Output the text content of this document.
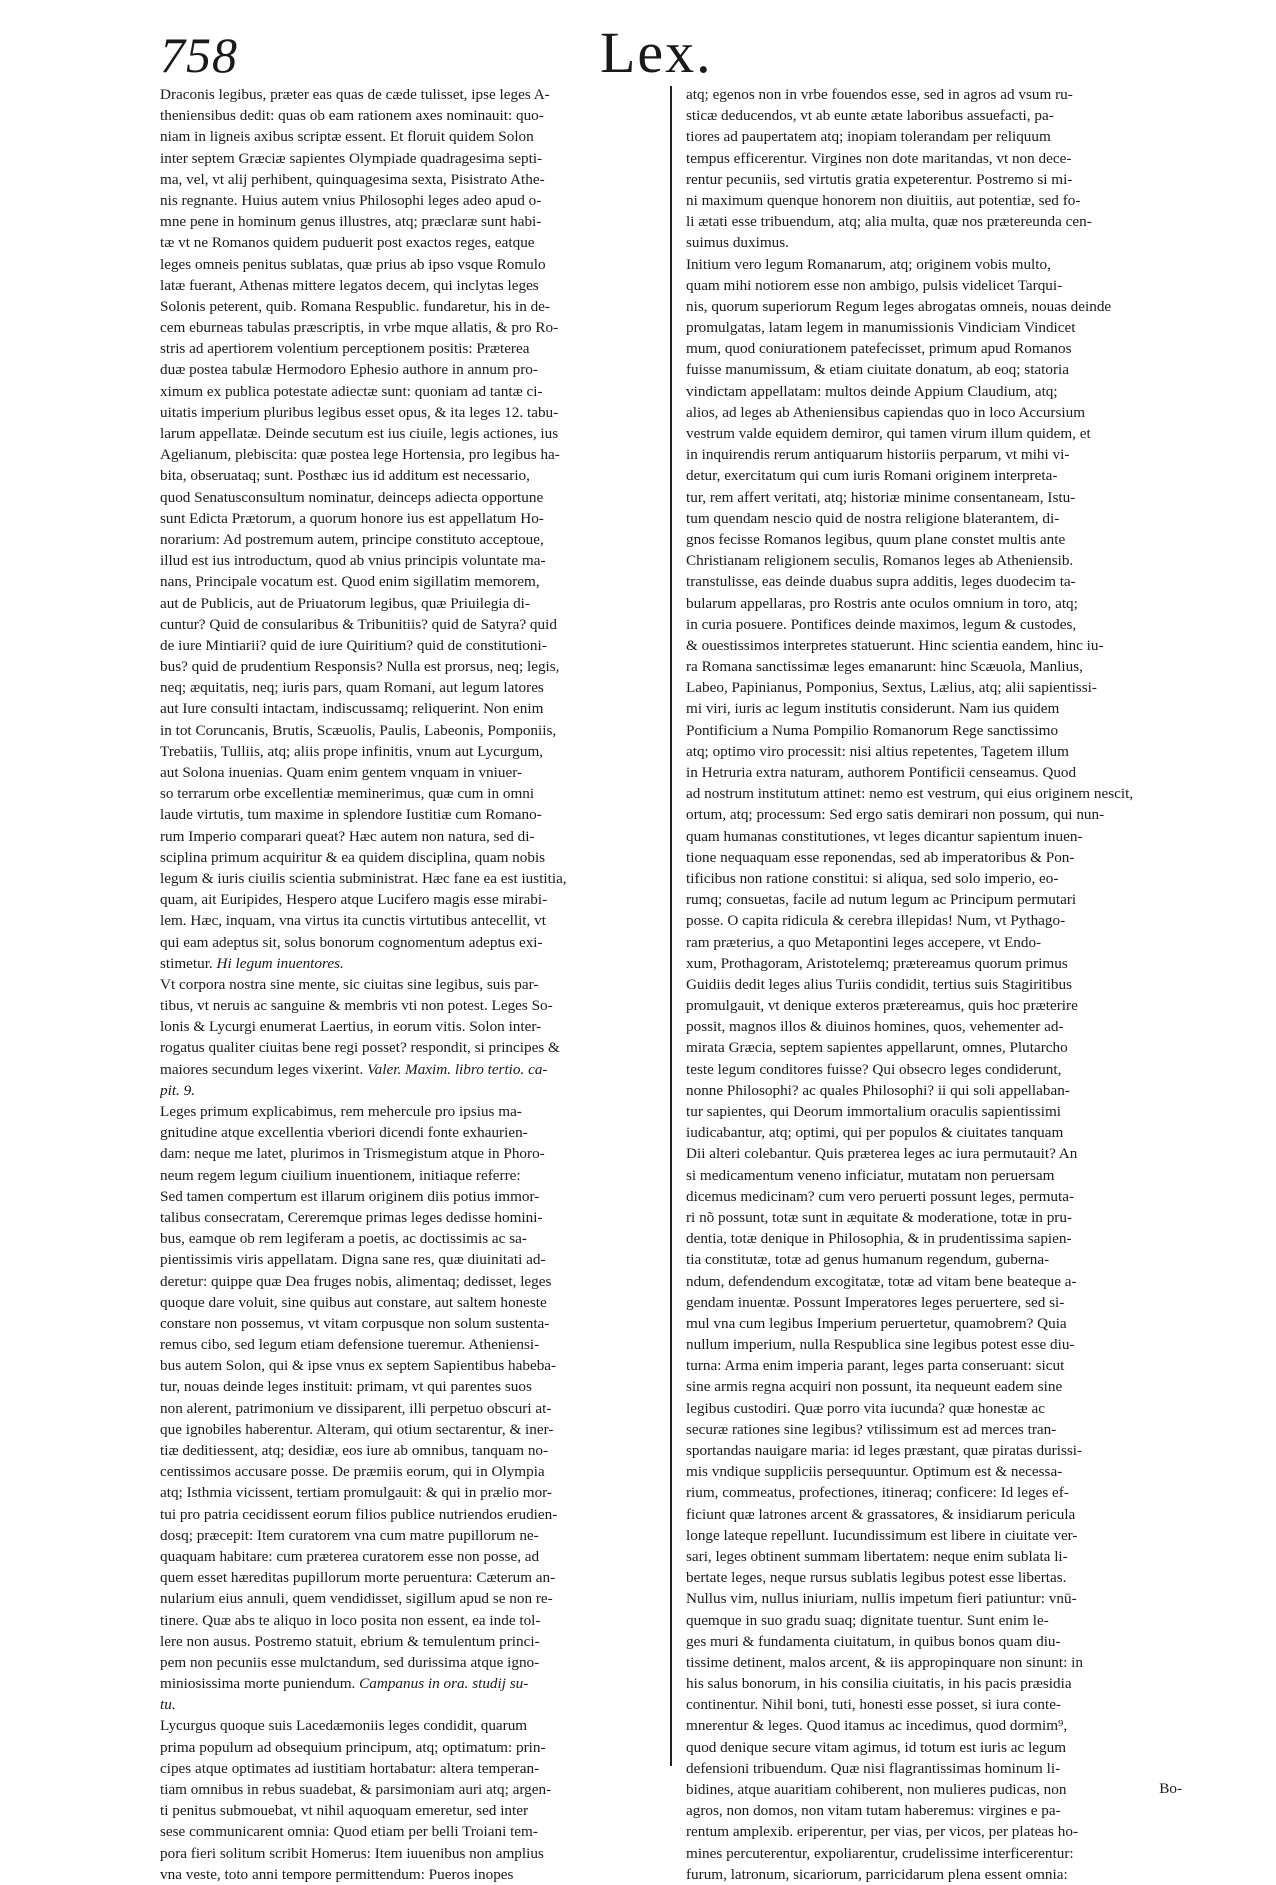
758	Lex.
Draconis legibus, præter eas quas de cæde tulisset, ipse leges A-
theniensibus dedit: quas ob eam rationem axes nominauit: quo-
niam in ligneis axibus scriptæ essent. Et floruit quidem Solon
inter septem Græciæ sapientes Olympiade quadragesima septi-
ma, vel, vt alij perhibent, quinquagesima sexta, Pisistrato Athe-
nis regnante. Huius autem vnius Philosophi leges adeo apud o-
mne pene in hominum genus illustres, atq; præclaræ sunt habi-
tæ vt ne Romanos quidem puduerit post exactos reges, eatque
leges omneis penitus sublatas, quæ prius ab ipso vsque Romulo
latæ fuerant, Athenas mittere legatos decem, qui inclytas leges
Solonis peterent, quib. Romana Respublic. fundaretur, his in de-
cem eburneas tabulas præscriptis, in vrbe mque allatis, & pro Ro-
stris ad apertiorem volentium perceptionem positis: Præterea
duæ postea tabulæ Hermodoro Ephesio authore in annum pro-
ximum ex publica potestate adiectæ sunt: quoniam ad tantæ ci-
uitatis imperium pluribus legibus esset opus, & ita leges 12. tabu-
larum appellatæ. Deinde secutum est ius ciuile, legis actiones, ius
Agelianum, plebiscita: quæ postea lege Hortensia, pro legibus ha-
bita, obseruataq; sunt. Posthæc ius id additum est necessario,
quod Senatusconsultum nominatur, deinceps adiecta opportune
sunt Edicta Prætorum, a quorum honore ius est appellatum Ho-
norarium: Ad postremum autem, principe constituto acceptoue,
illud est ius introductum, quod ab vnius principis voluntate ma-
nans, Principale vocatum est. Quod enim sigillatim memorem,
aut de Publicis, aut de Priuatorum legibus, quæ Priuilegia di-
cuntur? Quid de consularibus & Tribunitiis? quid de Satyra? quid
de iure Mintiarii? quid de iure Quiritium? quid de constitutioni-
bus? quid de prudentium Responsis? Nulla est prorsus, neq; legis,
neq; æquitatis, neq; iuris pars, quam Romani, aut legum latores
aut Iure consulti intactam, indiscussamq; reliquerint. Non enim
in tot Coruncanis, Brutis, Scæuolis, Paulis, Labeonis, Pomponiis,
Trebatiis, Tulliis, atq; aliis prope infinitis, vnum aut Lycurgum,
aut Solona inuenias. Quam enim gentem vnquam in vniuer-
so terrarum orbe excellentiæ meminerimus, quæ cum in omni
laude virtutis, tum maxime in splendore Iustitiæ cum Romano-
rum Imperio comparari queat? Hæc autem non natura, sed di-
sciplina primum acquiritur & ea quidem disciplina, quam nobis
legum & iuris ciuilis scientia subministrat. Hæc fane ea est iustitia,
quam, ait Euripides, Hespero atque Lucifero magis esse mirabi-
lem. Hæc, inquam, vna virtus ita cunctis virtutibus antecellit, vt
qui eam adeptus sit, solus bonorum cognomentum adeptus exi-
stimetur. Hi legum inuentores.
Vt corpora nostra sine mente, sic ciuitas sine legibus, suis par-
tibus, vt neruis ac sanguine & membris vti non potest. Leges So-
lonis & Lycurgi enumerat Laertius, in eorum vitis. Solon inter-
rogatus qualiter ciuitas bene regi posset? respondit, si principes &
maiores secundum leges vixerint. Valer. Maxim. libro tertio. ca-
pit. 9.
Leges primum explicabimus, rem mehercule pro ipsius ma-
gnitudine atque excellentia vberiori dicendi fonte exhaurien-
dam: neque me latet, plurimos in Trismegistum atque in Phoro-
neum regem legum ciuilium inuentionem, initiaque referre:
Sed tamen compertum est illarum originem diis potius immor-
talibus consecratam, Cereremque primas leges dedisse homini-
bus, eamque ob rem legiferam a poetis, ac doctissimis ac sa-
pientissimis viris appellatam. Digna sane res, quæ diuinitati ad-
deretur: quippe quæ Dea fruges nobis, alimentaq; dedisset, leges
quoque dare voluit, sine quibus aut constare, aut saltem honeste
constare non possemus, vt vitam corpusque non solum sustenta-
remus cibo, sed legum etiam defensione tueremur. Atheniensi-
bus autem Solon, qui & ipse vnus ex septem Sapientibus habeba-
tur, nouas deinde leges instituit: primam, vt qui parentes suos
non alerent, patrimonium ve dissiparent, illi perpetuo obscuri at-
que ignobiles haberentur. Alteram, qui otium sectarentur, & iner-
tiæ deditiessent, atq; desidiæ, eos iure ab omnibus, tanquam no-
centissimos accusare posse. De præmiis eorum, qui in Olympia
atq; Isthmia vicissent, tertiam promulgauit: & qui in prælio mor-
tui pro patria cecidissent eorum filios publice nutriendos erudien-
dosq; præcepit: Item curatorem vna cum matre pupillorum ne-
quaquam habitare: cum præterea curatorem esse non posse, ad
quem esset hæreditas pupillorum morte peruentura: Cæterum an-
nularium eius annuli, quem vendidisset, sigillum apud se non re-
tinere. Quæ abs te aliquo in loco posita non essent, ea inde tol-
lere non ausus. Postremo statuit, ebrium & temulentum princi-
pem non pecuniis esse mulctandum, sed durissima atque igno-
miniosissima morte puniendum. Campanus in ora. studij su-
tu.
Lycurgus quoque suis Lacedæmoniis leges condidit, quarum
prima populum ad obsequium principum, atq; optimatum: prin-
cipes atque optimates ad iustitiam hortabatur: altera temperan-
tiam omnibus in rebus suadebat, & parsimoniam auri atq; argen-
ti penitus submouebat, vt nihil aquoquam emeretur, sed inter
sese communicarent omnia: Quod etiam per belli Troiani tem-
pora fieri solitum scribit Homerus: Item iuuenibus non amplius
vna veste, toto anni tempore permittendum: Pueros inopes
atq; egenos non in vrbe fouendos esse, sed in agros ad vsum ru-
sticæ deducendos, vt ab eunte ætate laboribus assuefacti, pa-
tiores ad paupertatem atq; inopiam tolerandam per reliquum
tempus efficerentur. Virgines non dote maritandas, vt non dece-
rentur pecuniis, sed virtutis gratia expeterentur. Postremo si mi-
ni maximum quenque honorem non diuitiis, aut potentiæ, sed fo-
li ætati esse tribuendum, atq; alia multa, quæ nos prætereunda cen-
suimus duximus.
Initium vero legum Romanarum, atq; originem vobis multo,
quam mihi notiorem esse non ambigo, pulsis videlicet Tarqui-
nis, quorum superiorum Regum leges abrogatas omneis, nouas deinde
promulgatas, latam legem in manumissionis Vindiciam Vindicet
mum, quod coniurationem patefecisset, primum apud Romanos
fuisse manumissum, & etiam ciuitate donatum, ab eoq; statoria
vindictam appellatam: multos deinde Appium Claudium, atq;
alios, ad leges ab Atheniensibus capiendas quo in loco Accursium
vestrum valde equidem demiror, qui tamen virum illum quidem, et
in inquirendis rerum antiquarum historiis perparum, vt mihi vi-
detur, exercitatum qui cum iuris Romani originem interpreta-
tur, rem affert veritati, atq; historiæ minime consentaneam, Istu-
tum quendam nescio quid de nostra religione blaterantem, di-
gnos fecisse Romanos legibus, quum plane constet multis ante
Christianam religionem seculis, Romanos leges ab Atheniensib.
transtulisse, eas deinde duabus supra additis, leges duodecim ta-
bularum appellaras, pro Rostris ante oculos omnium in toro, atq;
in curia posuere. Pontifices deinde maximos, legum & custodes,
& ouestissimos interpretes statuerunt. Hinc scientia eandem, hinc iu-
ra Romana sanctissimæ leges emanarunt: hinc Scæuola, Manlius,
Labeo, Papinianus, Pomponius, Sextus, Lælius, atq; alii sapientissi-
mi viri, iuris ac legum institutis considerunt. Nam ius quidem
Pontificium a Numa Pompilio Romanorum Rege sanctissimo
atq; optimo viro processit: nisi altius repetentes, Tagetem illum
in Hetruria extra naturam, authorem Pontificii censeamus. Quod
ad nostrum institutum attinet: nemo est vestrum, qui eius originem nescit,
ortum, atq; processum: Sed ergo satis demirari non possum, qui nun-
quam humanas constitutiones, vt leges dicantur sapientum inuen-
tione nequaquam esse reponendas, sed ab imperatoribus & Pon-
tificibus non ratione constitui: si aliqua, sed solo imperio, eo-
rumq; consuetas, facile ad nutum legum ac Principum permutari
posse. O capita ridicula & cerebra illepidas! Num, vt Pythago-
ram præterius, a quo Metapontini leges accepere, vt Endo-
xum, Prothagoram, Aristotelemq; prætereamus quorum primus
Guidiis dedit leges alius Turiis condidit, tertius suis Stagiritibus
promulgauit, vt denique exteros prætereamus, quis hoc præterire
possit, magnos illos & diuinos homines, quos, vehementer ad-
mirata Græcia, septem sapientes appellarunt, omnes, Plutarcho
teste legum conditores fuisse? Qui obsecro leges condiderunt,
nonne Philosophi? ac quales Philosophi? ii qui soli appellaban-
tur sapientes, qui Deorum immortalium oraculis sapientissimi
iudicabantur, atq; optimi, qui per populos & ciuitates tanquam
Dii alteri colebantur. Quis præterea leges ac iura permutauit? An
si medicamentum veneno inficiatur, mutatam non peruersam
dicemus medicinam? cum vero peruerti possunt leges, permuta-
ri nõ possunt, totæ sunt in æquitate & moderatione, totæ in pru-
dentia, totæ denique in Philosophia, & in prudentissima sapien-
tia constitutæ, totæ ad genus humanum regendum, guberna-
ndum, defendendum excogitatæ, totæ ad vitam bene beateque a-
gendam inuentæ. Possunt Imperatores leges peruertere, sed si-
mul vna cum legibus Imperium peruertetur, quamobrem? Quia
nullum imperium, nulla Respublica sine legibus potest esse diu-
turna: Arma enim imperia parant, leges parta conseruant: sicut
sine armis regna acquiri non possunt, ita nequeunt eadem sine
legibus custodiri. Quæ porro vita iucunda? quæ honestæ ac
securæ rationes sine legibus? vtilissimum est ad merces tran-
sportandas nauigare maria: id leges præstant, quæ piratas durissi-
mis vndique suppliciis persequuntur. Optimum est & necessa-
rium, commeatus, profectiones, itineraq; conficere: Id leges ef-
ficiunt quæ latrones arcent & grassatores, & insidiarum pericula
longe lateque repellunt. Iucundissimum est libere in ciuitate ver-
sari, leges obtinent summam libertatem: neque enim sublata li-
bertate leges, neque rursus sublatis legibus potest esse libertas.
Nullus vim, nullus iniuriam, nullis impetum fieri patiuntur: vnū-
quemque in suo gradu suaq; dignitate tuentur. Sunt enim le-
ges muri & fundamenta ciuitatum, in quibus bonos quam diu-
tissime detinent, malos arcent, & iis appropinquare non sinunt: in
his salus bonorum, in his consilia ciuitatis, in his pacis præsidia
continentur. Nihil boni, tuti, honesti esse posset, si iura conte-
mnerentur & leges. Quod itamus ac incedimus, quod dormim⁹,
quod denique secure vitam agimus, id totum est iuris ac legum
defensioni tribuendum. Quæ nisi flagrantissimas hominum li-
bidines, atque auaritiam cohiberent, non mulieres pudicas, non
agros, non domos, non vitam tutam haberemus: virgines e pa-
rentum amplexib. eriperentur, per vias, per vicos, per plateas ho-
mines percuterentur, expoliarentur, crudelissime interficerentur:
furum, latronum, sicariorum, parricidarum plena essent omnia:
Bo-
